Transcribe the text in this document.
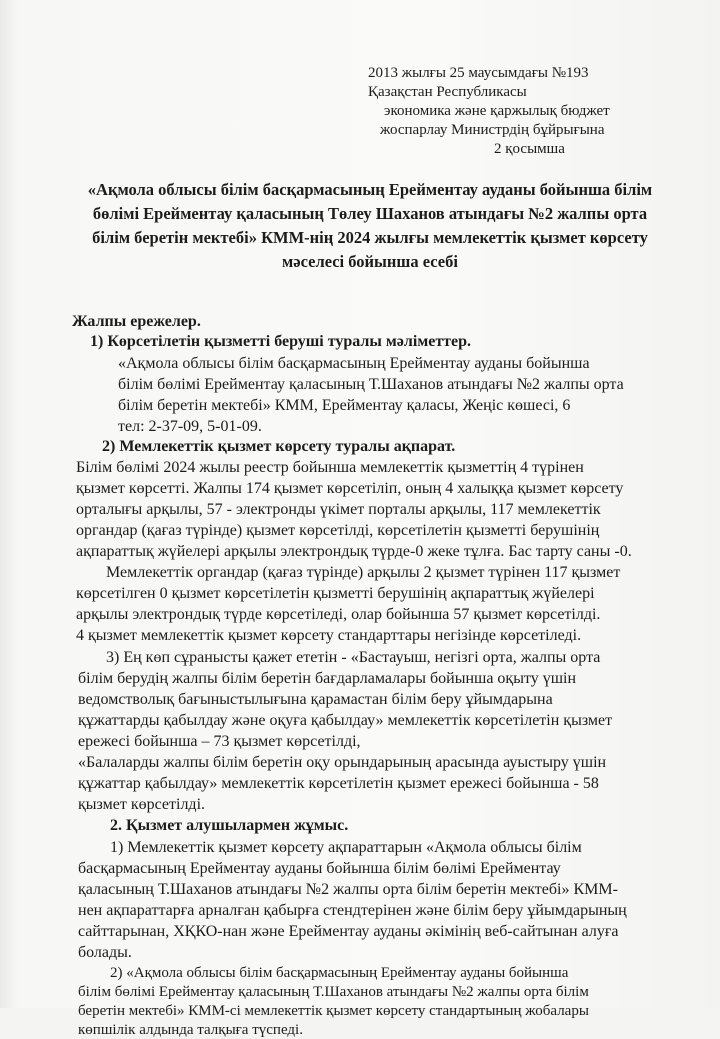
2013 жылғы 25 маусымдағы №193
Қазақстан Республикасы
экономика және қаржылық бюджет
жоспарлау Министрдің бұйрығына
2 қосымша
«Ақмола облысы білім басқармасының Ерейментау ауданы бойынша білім
бөлімі Ерейментау қаласының Төлеу Шаханов атындағы №2 жалпы орта
білім беретін мектебі» КММ-нің 2024 жылғы мемлекеттік қызмет көрсету
мәселесі бойынша есебі
Жалпы ережелер.
1) Көрсетілетін қызметті беруші туралы мәліметтер.
«Ақмола облысы білім басқармасының Ерейментау ауданы бойынша
білім бөлімі Ерейментау қаласының Т.Шаханов атындағы №2 жалпы орта
білім беретін мектебі» КММ, Ерейментау қаласы, Жеңіс көшесі, 6
тел: 2-37-09, 5-01-09.
2) Мемлекеттік қызмет көрсету туралы ақпарат.
Білім бөлімі 2024 жылы реестр бойынша мемлекеттік қызметтің 4 түрінен
қызмет көрсетті. Жалпы 174 қызмет көрсетіліп, оның 4 халыққа қызмет көрсету
орталығы арқылы, 57 - электронды үкімет порталы арқылы, 117 мемлекеттік
органдар (қағаз түрінде) қызмет көрсетілді, көрсетілетін қызметті берушінің
ақпараттық жүйелері арқылы электрондық түрде-0 жеке тұлға. Бас тарту саны -0.
Мемлекеттік органдар (қағаз түрінде) арқылы 2 қызмет түрінен 117 қызмет
көрсетілген 0 қызмет көрсетілетін қызметті берушінің ақпараттық жүйелері
арқылы электрондық түрде көрсетіледі, олар бойынша 57 қызмет көрсетілді.
4 қызмет мемлекеттік қызмет көрсету стандарттары негізінде көрсетіледі.
3) Ең көп сұранысты қажет ететін - «Бастауыш, негізгі орта, жалпы орта
білім берудің жалпы білім беретін бағдарламалары бойынша оқыту үшін
ведомстволық бағыныстылығына қарамастан білім беру ұйымдарына
құжаттарды қабылдау және оқуға қабылдау» мемлекеттік көрсетілетін қызмет
ережесі бойынша – 73 қызмет көрсетілді,
«Балаларды жалпы білім беретін оқу орындарының арасында ауыстыру үшін
құжаттар қабылдау» мемлекеттік көрсетілетін қызмет ережесі бойынша - 58
қызмет көрсетілді.
2. Қызмет алушылармен жұмыс.
1) Мемлекеттік қызмет көрсету ақпараттарын «Ақмола облысы білім
басқармасының Ерейментау ауданы бойынша білім бөлімі Ерейментау
қаласының Т.Шаханов атындағы №2 жалпы орта білім беретін мектебі» КММ-
нен ақпараттарға арналған қабырға стендтерінен және білім беру ұйымдарының
сайттарынан, ХҚКО-нан және Ерейментау ауданы әкімінің веб-сайтынан алуға
болады.
2) «Ақмола облысы білім басқармасының Ерейментау ауданы бойынша
білім бөлімі Ерейментау қаласының Т.Шаханов атындағы №2 жалпы орта білім
беретін мектебі» КММ-сі мемлекеттік қызмет көрсету стандартының жобалары
көпшілік алдында талқыға түспеді.
